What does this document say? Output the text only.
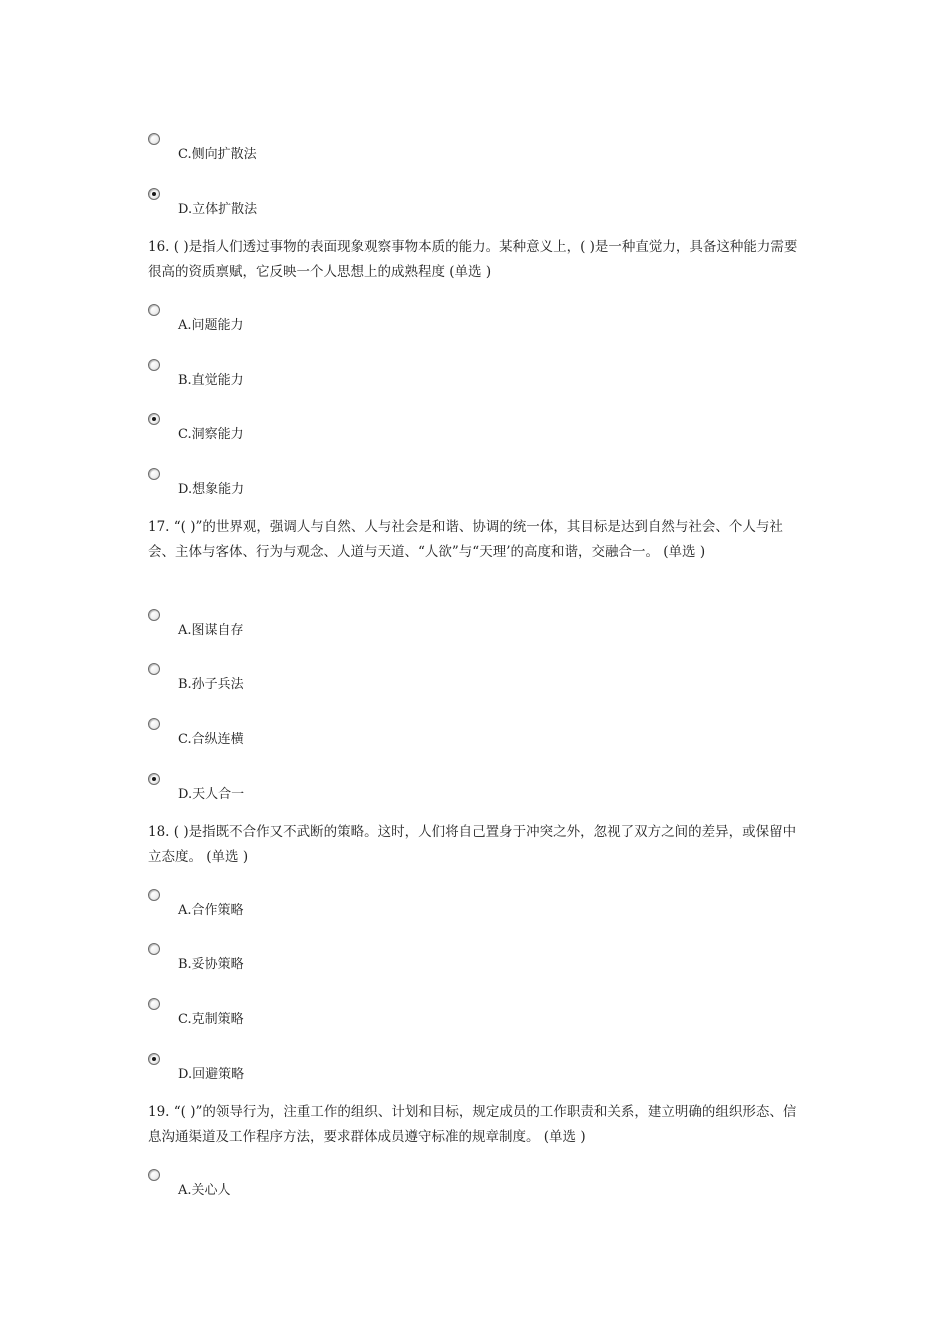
C.侧向扩散法
D.立体扩散法
16. ( )是指人们透过事物的表面现象观察事物本质的能力。某种意义上，( )是一种直觉力，具备这种能力需要很高的资质禀赋，它反映一个人思想上的成熟程度 (单选 )
A.问题能力
B.直觉能力
C.洞察能力
D.想象能力
17. “( )”的世界观，强调人与自然、人与社会是和谐、协调的统一体，其目标是达到自然与社会、个人与社会、主体与客体、行为与观念、人道与天道、“人欲”与“天理’的高度和谐，交融合一。 (单选 )
A.图谋自存
B.孙子兵法
C.合纵连横
D.天人合一
18. ( )是指既不合作又不武断的策略。这时，人们将自己置身于冲突之外，忽视了双方之间的差异，或保留中立态度。 (单选 )
A.合作策略
B.妥协策略
C.克制策略
D.回避策略
19. “( )”的领导行为，注重工作的组织、计划和目标，规定成员的工作职责和关系，建立明确的组织形态、信息沟通渠道及工作程序方法，要求群体成员遵守标准的规章制度。 (单选 )
A.关心人
